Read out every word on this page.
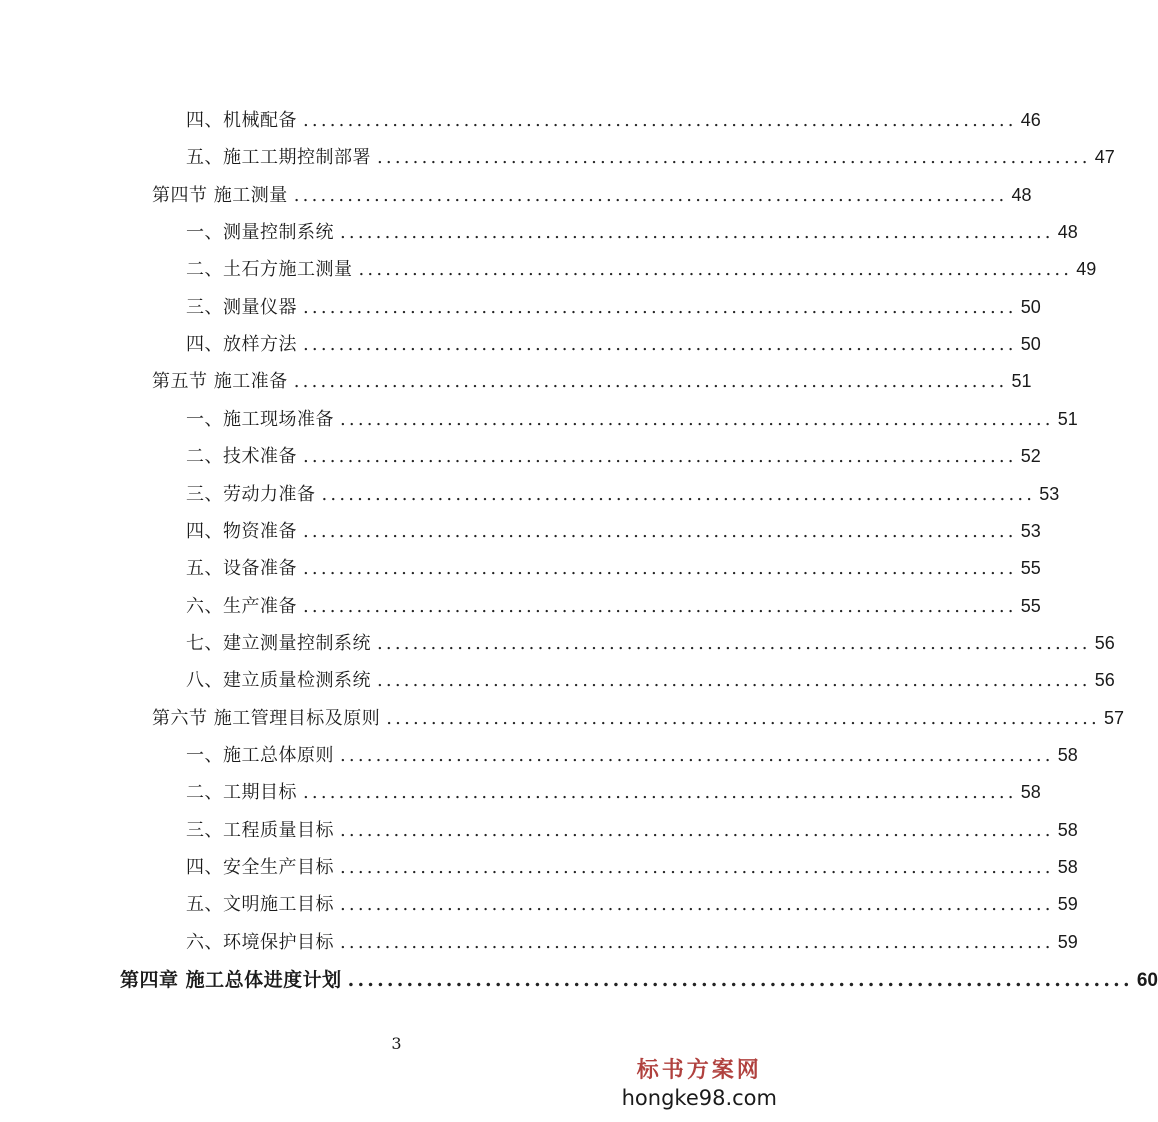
四、机械配备 ................................................................................ 46
五、施工工期控制部署 ................................................................................ 47
第四节 施工测量 ................................................................................ 48
一、测量控制系统 ................................................................................ 48
二、土石方施工测量 ................................................................................ 49
三、测量仪器 ................................................................................ 50
四、放样方法 ................................................................................ 50
第五节 施工准备 ................................................................................ 51
一、施工现场准备 ................................................................................ 51
二、技术准备 ................................................................................ 52
三、劳动力准备 ................................................................................ 53
四、物资准备 ................................................................................ 53
五、设备准备 ................................................................................ 55
六、生产准备 ................................................................................ 55
七、建立测量控制系统 ................................................................................ 56
八、建立质量检测系统 ................................................................................ 56
第六节 施工管理目标及原则 ................................................................................ 57
一、施工总体原则 ................................................................................ 58
二、工期目标 ................................................................................ 58
三、工程质量目标 ................................................................................ 58
四、安全生产目标 ................................................................................ 58
五、文明施工目标 ................................................................................ 59
六、环境保护目标 ................................................................................ 59
第四章 施工总体进度计划 ................................................................................ 60
3
标书方案网
hongke98.com
